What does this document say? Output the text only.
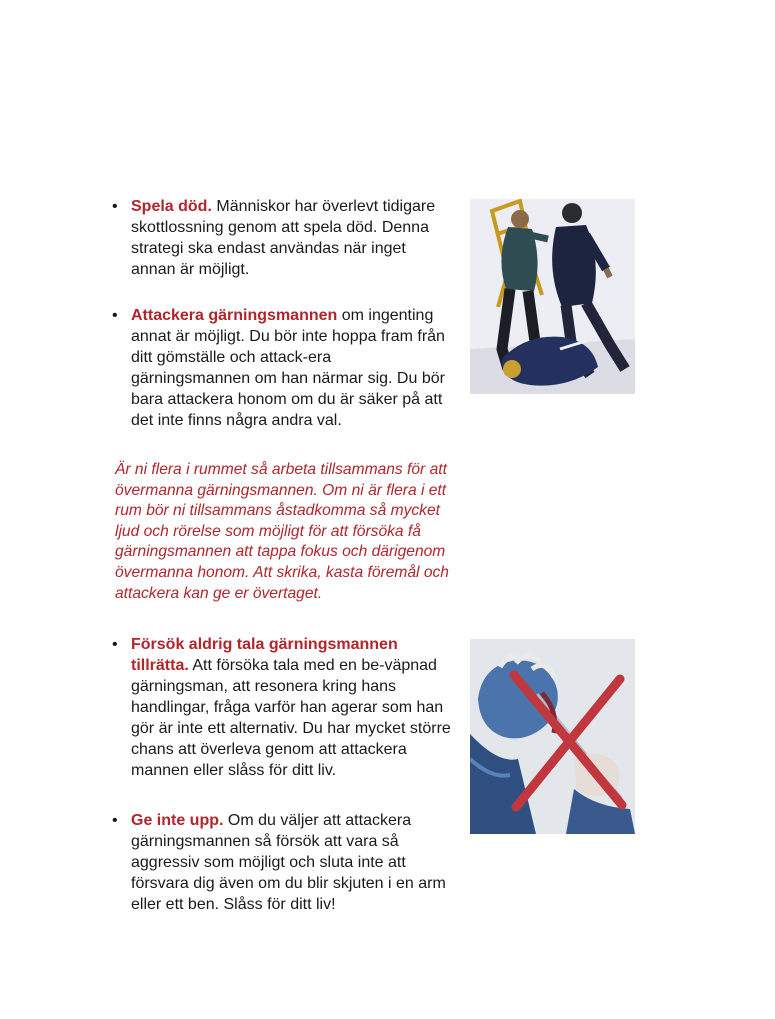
• Spela död. Människor har överlevt tidigare skottlossning genom att spela död. Denna strategi ska endast användas när inget annan är möjligt.
• Attackera gärningsmannen om ingenting annat är möjligt. Du bör inte hoppa fram från ditt gömställe och attack-era gärningsmannen om han närmar sig. Du bör bara attackera honom om du är säker på att det inte finns några andra val.
Är ni flera i rummet så arbeta tillsammans för att övermanna gärningsmannen. Om ni är flera i ett rum bör ni tillsammans åstadkomma så mycket ljud och rörelse som möjligt för att försöka få gärningsmannen att tappa fokus och därigenom övermanna honom. Att skrika, kasta föremål och attackera kan ge er övertaget.
• Försök aldrig tala gärningsmannen tillrätta. Att försöka tala med en be-väpnad gärningsman, att resonera kring hans handlingar, fråga varför han agerar som han gör är inte ett alternativ. Du har mycket större chans att överleva genom att attackera mannen eller slåss för ditt liv.
• Ge inte upp. Om du väljer att attackera gärningsmannen så försök att vara så aggressiv som möjligt och sluta inte att försvara dig även om du blir skjuten i en arm eller ett ben. Slåss för ditt liv!
